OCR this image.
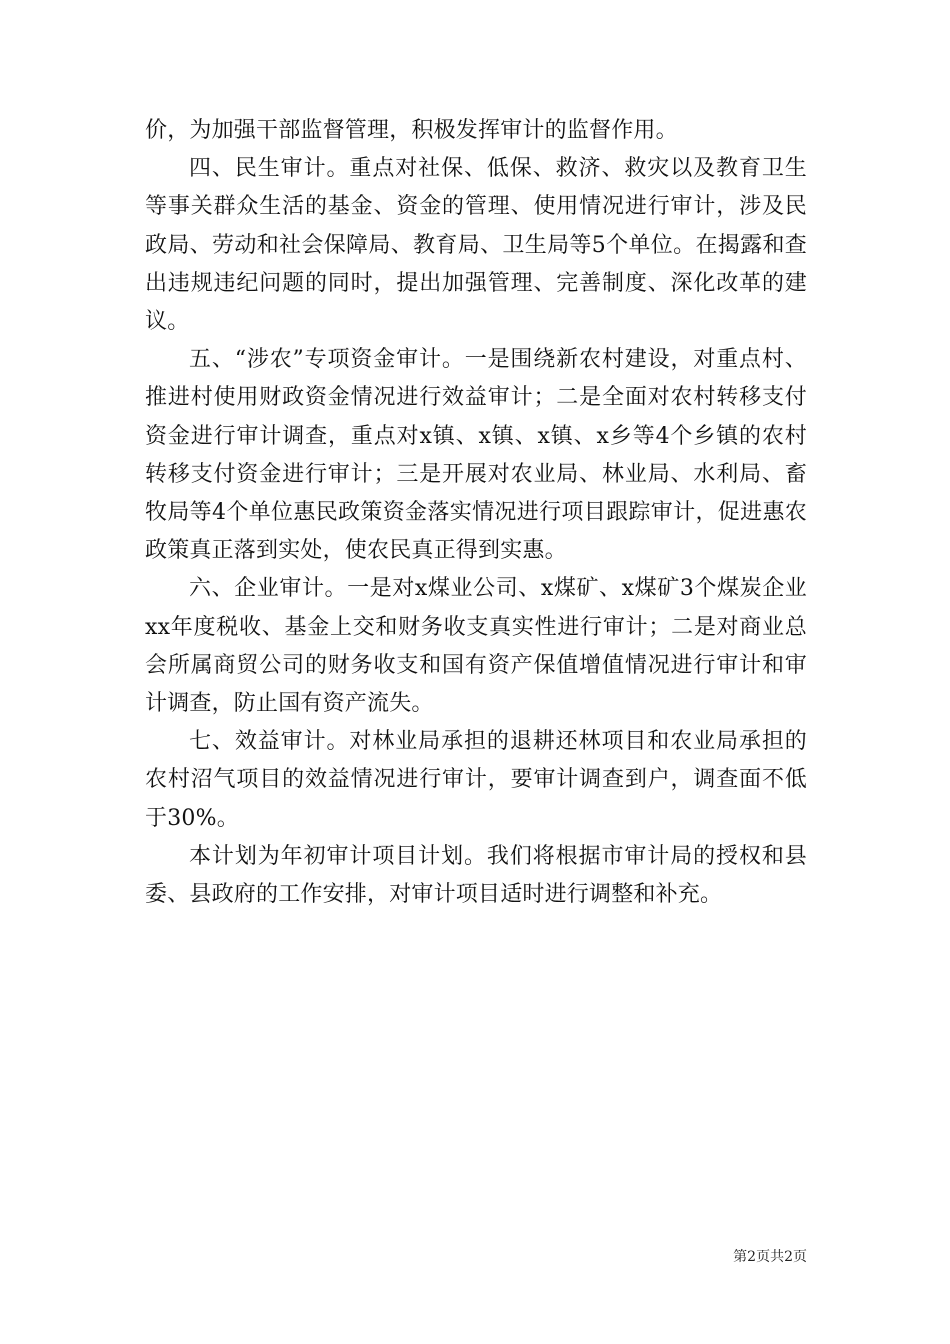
价，为加强干部监督管理，积极发挥审计的监督作用。

四、民生审计。重点对社保、低保、救济、救灾以及教育卫生等事关群众生活的基金、资金的管理、使用情况进行审计，涉及民政局、劳动和社会保障局、教育局、卫生局等5个单位。在揭露和查出违规违纪问题的同时，提出加强管理、完善制度、深化改革的建议。

五、“涉农”专项资金审计。一是围绕新农村建设，对重点村、推进村使用财政资金情况进行效益审计；二是全面对农村转移支付资金进行审计调查，重点对x镇、x镇、x镇、x乡等4个乡镇的农村转移支付资金进行审计；三是开展对农业局、林业局、水利局、畜牧局等4个单位惠民政策资金落实情况进行项目跟踪审计，促进惠农政策真正落到实处，使农民真正得到实惠。

六、企业审计。一是对x煤业公司、x煤矿、x煤矿3个煤炭企业xx年度税收、基金上交和财务收支真实性进行审计；二是对商业总会所属商贸公司的财务收支和国有资产保值增值情况进行审计和审计调查，防止国有资产流失。

七、效益审计。对林业局承担的退耕还林项目和农业局承担的农村沼气项目的效益情况进行审计，要审计调查到户，调查面不低于30%。

本计划为年初审计项目计划。我们将根据市审计局的授权和县委、县政府的工作安排，对审计项目适时进行调整和补充。

第2页共2页
